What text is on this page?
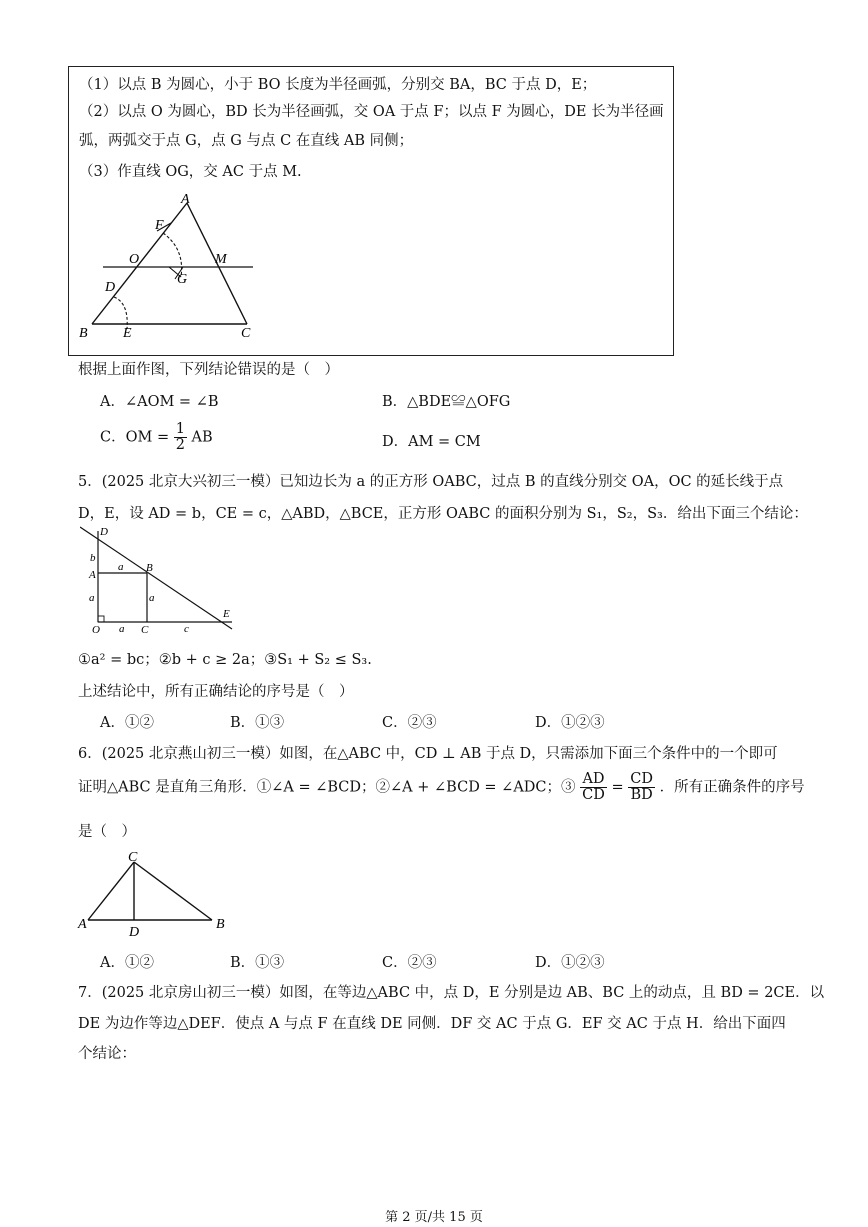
（1）以点 B 为圆心，小于 BO 长度为半径画弧，分别交 BA，BC 于点 D，E；
（2）以点 O 为圆心，BD 长为半径画弧，交 OA 于点 F；以点 F 为圆心，DE 长为半径画
弧，两弧交于点 G，点 G 与点 C 在直线 AB 同侧；
（3）作直线 OG，交 AC 于点 M.
A
F
O
G
M
D
B	E	C
根据上面作图，下列结论错误的是（　）
A．∠AOM = ∠B	B．△BDE≌△OFG
C．OM = $\frac{1}{2}$ AB	D．AM = CM
5．(2025 北京大兴初三一模）已知边长为 a 的正方形 OABC，过点 B 的直线分别交 OA，OC 的延长线于点
D，E，设 AD = b，CE = c，△ABD，△BCE，正方形 OABC 的面积分别为 S₁，S₂，S₃．给出下面三个结论：
D
b
A
a B
a	a
E
O a C	c
①a² = bc；②b + c ≥ 2a；③S₁ + S₂ ≤ S₃.
上述结论中，所有正确结论的序号是（　）
A．①②	B．①③	C．②③	D．①②③
6．(2025 北京燕山初三一模）如图，在△ABC 中，CD ⊥ AB 于点 D，只需添加下面三个条件中的一个即可
证明△ABC 是直角三角形．①∠A = ∠BCD；②∠A + ∠BCD = ∠ADC；③ $\frac{AD}{CD} = \frac{CD}{BD}$ ．所有正确条件的序号
是（　）
C
A
D
B
A．①②	B．①③	C．②③	D．①②③
7．(2025 北京房山初三一模）如图，在等边△ABC 中，点 D，E 分别是边 AB、BC 上的动点，且 BD = 2CE．以
DE 为边作等边△DEF．使点 A 与点 F 在直线 DE 同侧．DF 交 AC 于点 G．EF 交 AC 于点 H．给出下面四
个结论：
第 2 页/共 15 页
